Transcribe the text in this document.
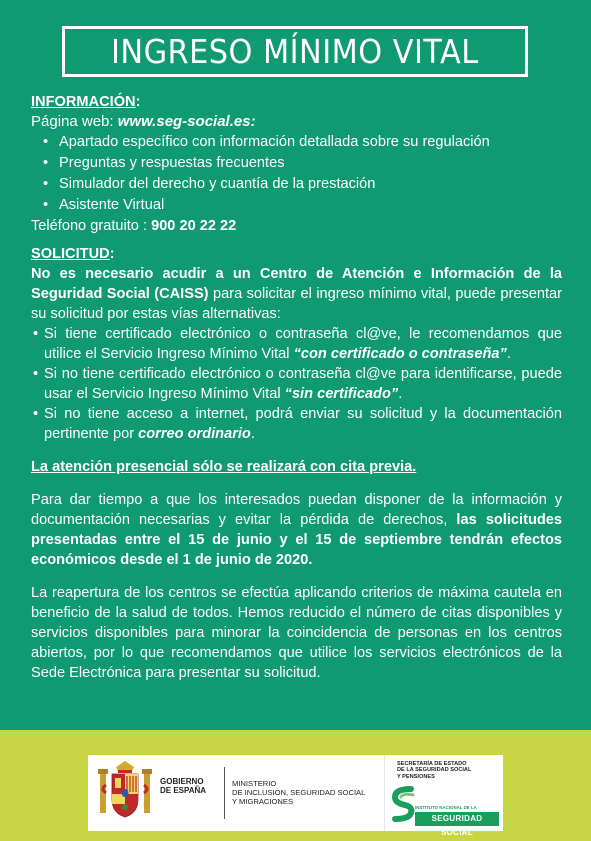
INGRESO MÍNIMO VITAL

INFORMACIÓN:

Página web: www.seg-social.es:

• Apartado específico con información detallada sobre su regulación
• Preguntas y respuestas frecuentes
• Simulador del derecho y cuantía de la prestación
• Asistente Virtual

Teléfono gratuito : 900 20 22 22

SOLICITUD:

No es necesario acudir a un Centro de Atención e Información de la Seguridad Social (CAISS) para solicitar el ingreso mínimo vital, puede presentar su solicitud por estas vías alternativas:

• Si tiene certificado electrónico o contraseña cl@ve, le recomendamos que utilice el Servicio Ingreso Mínimo Vital “con certificado o contraseña”.
• Si no tiene certificado electrónico o contraseña cl@ve para identificarse, puede usar el Servicio Ingreso Mínimo Vital “sin certificado”.
• Si no tiene acceso a internet, podrá enviar su solicitud y la documentación pertinente por correo ordinario.

La atención presencial sólo se realizará con cita previa.

Para dar tiempo a que los interesados puedan disponer de la información y documentación necesarias y evitar la pérdida de derechos, las solicitudes presentadas entre el 15 de junio y el 15 de septiembre tendrán efectos económicos desde el 1 de junio de 2020.

La reapertura de los centros se efectúa aplicando criterios de máxima cautela en beneficio de la salud de todos. Hemos reducido el número de citas disponibles y servicios disponibles para minorar la coincidencia de personas en los centros abiertos, por lo que recomendamos que utilice los servicios electrónicos de la Sede Electrónica para presentar su solicitud.

GOBIERNO
DE ESPAÑA
MINISTERIO
DE INCLUSIÓN, SEGURIDAD SOCIAL
Y MIGRACIONES
SECRETARÍA DE ESTADO
DE LA SEGURIDAD SOCIAL
Y PENSIONES
INSTITUTO NACIONAL DE LA
SEGURIDAD SOCIAL
